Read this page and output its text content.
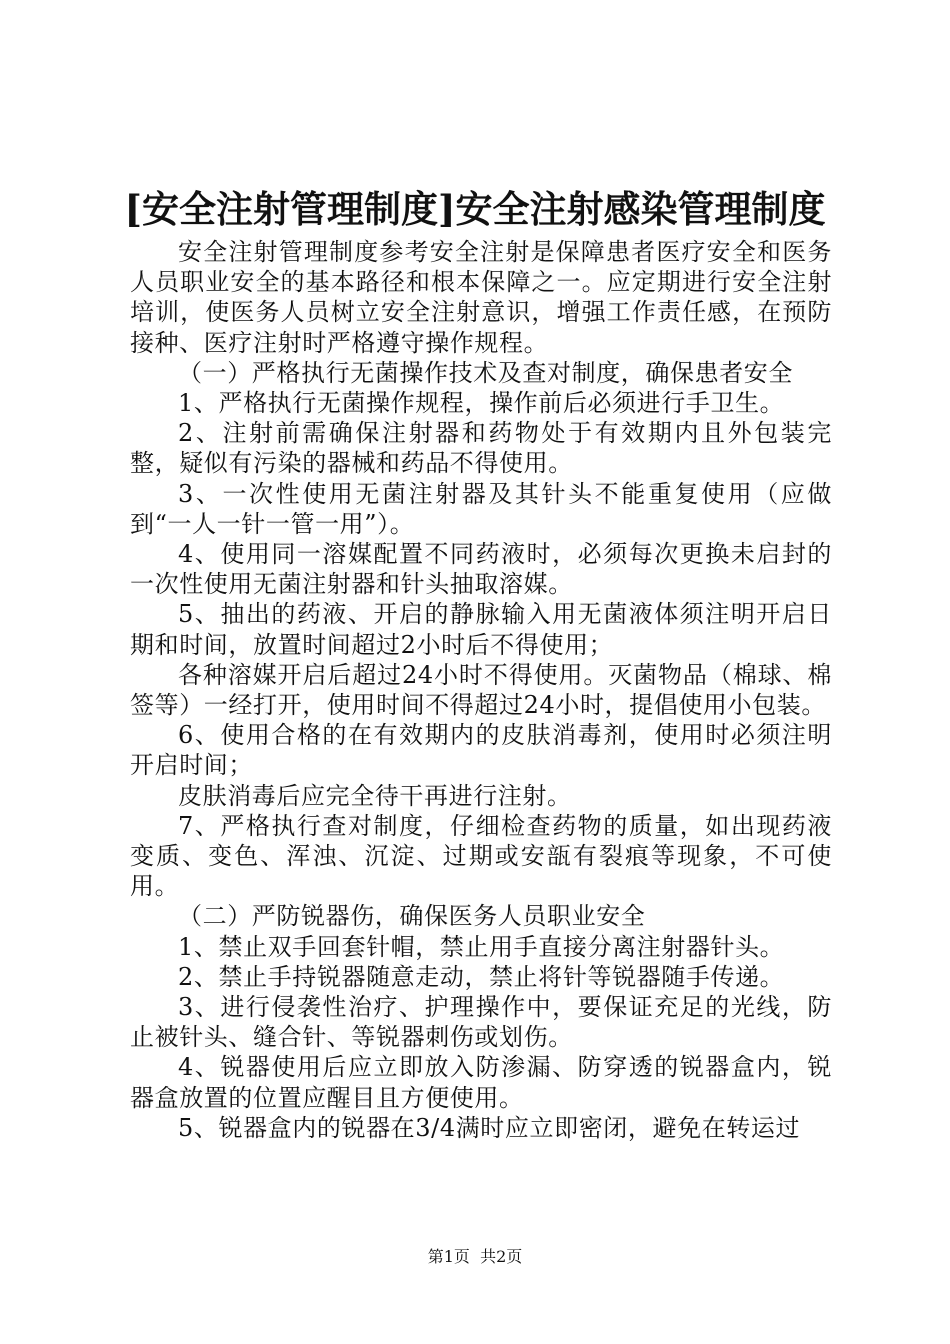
[安全注射管理制度]安全注射感染管理制度

安全注射管理制度参考安全注射是保障患者医疗安全和医务人员职业安全的基本路径和根本保障之一。应定期进行安全注射培训，使医务人员树立安全注射意识，增强工作责任感，在预防接种、医疗注射时严格遵守操作规程。

（一）严格执行无菌操作技术及查对制度，确保患者安全

1、严格执行无菌操作规程，操作前后必须进行手卫生。

2、注射前需确保注射器和药物处于有效期内且外包装完整，疑似有污染的器械和药品不得使用。

3、一次性使用无菌注射器及其针头不能重复使用（应做到“一人一针一管一用”）。

4、使用同一溶媒配置不同药液时，必须每次更换未启封的一次性使用无菌注射器和针头抽取溶媒。

5、抽出的药液、开启的静脉输入用无菌液体须注明开启日期和时间，放置时间超过2小时后不得使用；

各种溶媒开启后超过24小时不得使用。灭菌物品（棉球、棉签等）一经打开，使用时间不得超过24小时，提倡使用小包装。

6、使用合格的在有效期内的皮肤消毒剂，使用时必须注明开启时间；

皮肤消毒后应完全待干再进行注射。

7、严格执行查对制度，仔细检查药物的质量，如出现药液变质、变色、浑浊、沉淀、过期或安瓿有裂痕等现象，不可使用。

（二）严防锐器伤，确保医务人员职业安全

1、禁止双手回套针帽，禁止用手直接分离注射器针头。

2、禁止手持锐器随意走动，禁止将针等锐器随手传递。

3、进行侵袭性治疗、护理操作中，要保证充足的光线，防止被针头、缝合针、等锐器刺伤或划伤。

4、锐器使用后应立即放入防渗漏、防穿透的锐器盒内，锐器盒放置的位置应醒目且方便使用。

5、锐器盒内的锐器在3/4满时应立即密闭，避免在转运过

第1页  共2页
